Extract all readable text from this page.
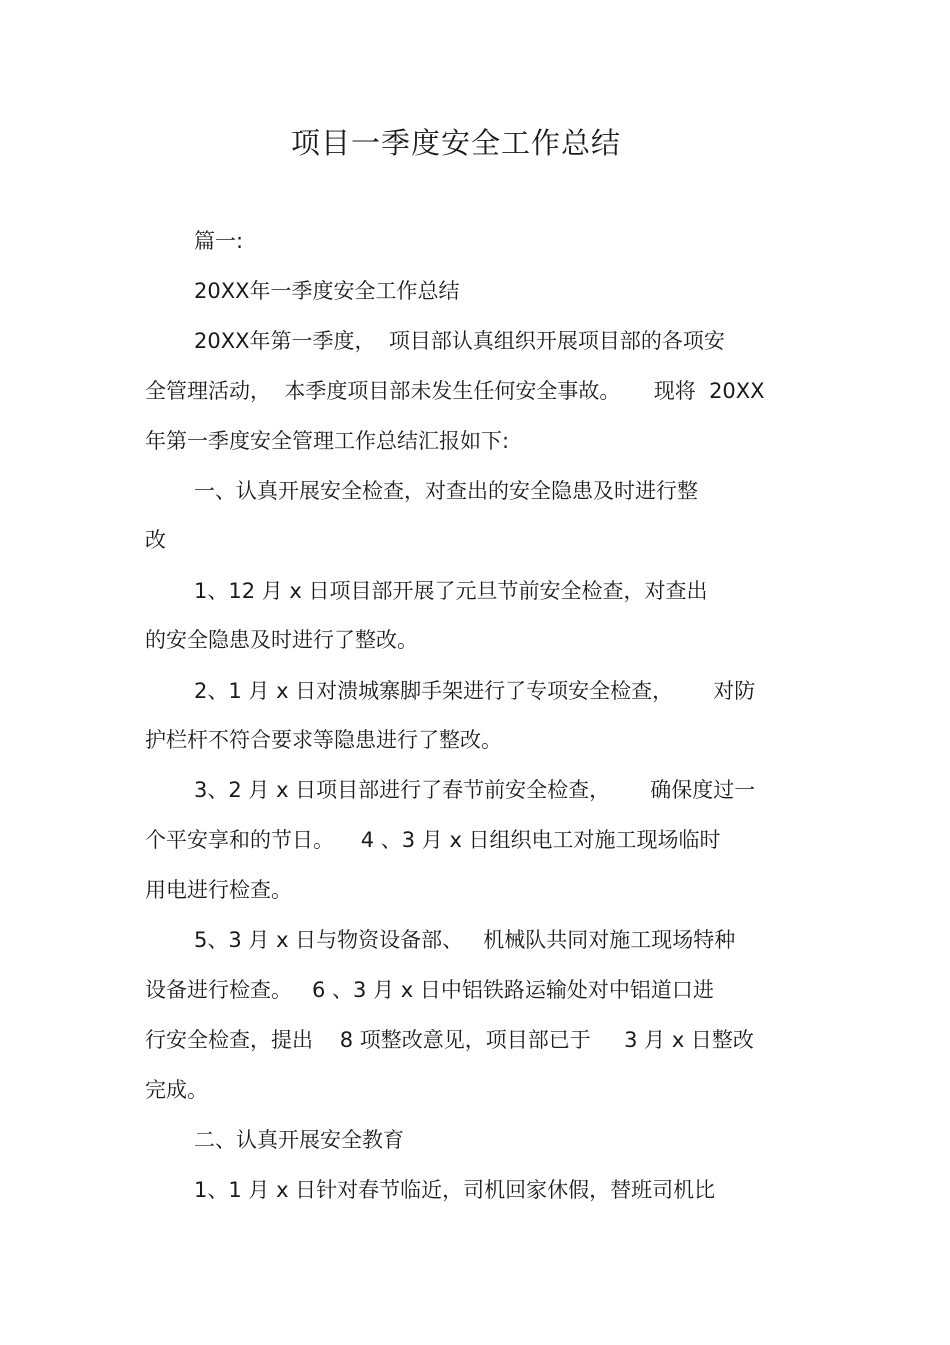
项目一季度安全工作总结
篇一:
20XX年一季度安全工作总结
20XX年第一季度，  项目部认真组织开展项目部的各项安
全管理活动，  本季度项目部未发生任何安全事故。     现将  20XX
年第一季度安全管理工作总结汇报如下:
一、认真开展安全检查，对查出的安全隐患及时进行整
改
1、12 月 x 日项目部开展了元旦节前安全检查，对查出
的安全隐患及时进行了整改。
2、1 月 x 日对溃城寨脚手架进行了专项安全检查，      对防
护栏杆不符合要求等隐患进行了整改。
3、2 月 x 日项目部进行了春节前安全检查，      确保度过一
个平安享和的节日。    4 、3 月 x 日组织电工对施工现场临时
用电进行检查。
5、3 月 x 日与物资设备部、   机械队共同对施工现场特种
设备进行检查。   6 、3 月 x 日中铝铁路运输处对中铝道口进
行安全检查，提出    8 项整改意见，项目部已于     3 月 x 日整改
完成。
二、认真开展安全教育
1、1 月 x 日针对春节临近，司机回家休假，替班司机比
